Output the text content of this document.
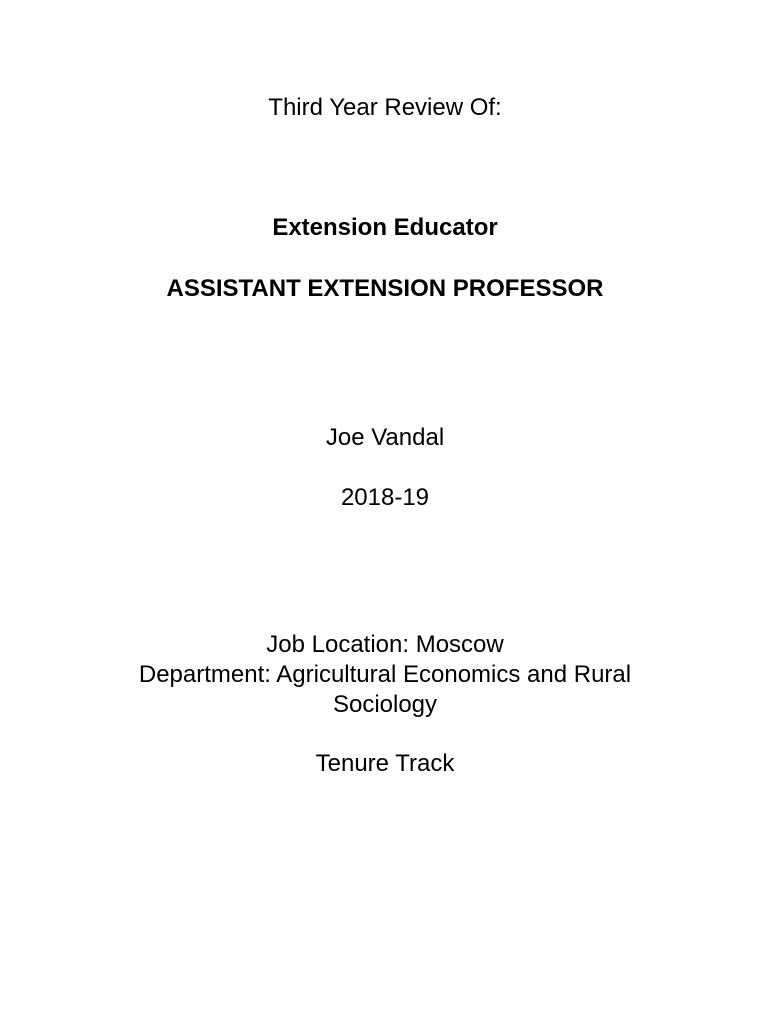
Third Year Review Of:
Extension Educator
ASSISTANT EXTENSION PROFESSOR
Joe Vandal
2018-19
Job Location: Moscow
Department: Agricultural Economics and Rural
Sociology
Tenure Track
